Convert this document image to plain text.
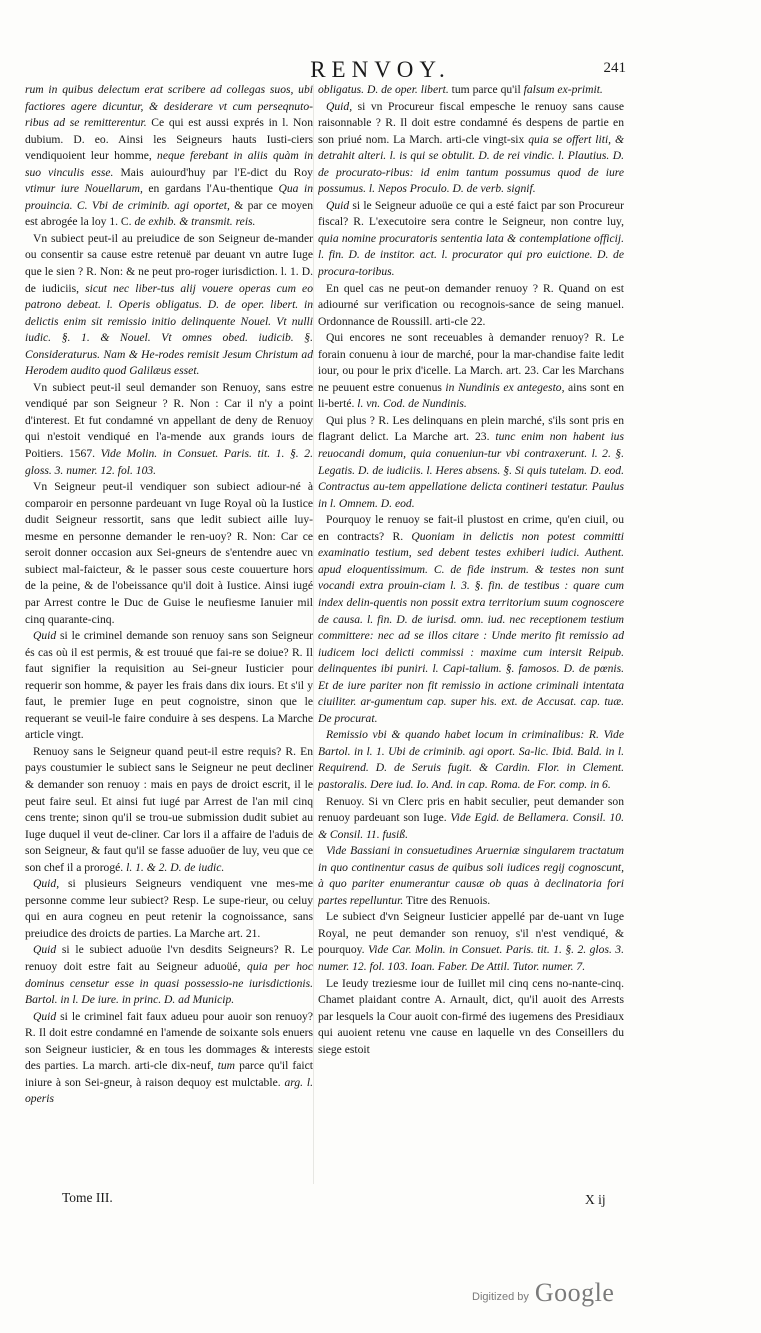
RENVOY.	241

rum in quibus delectum erat scribere ad collegas suos, ubi factiores agere dicuntur, & desiderare vt cum perseqnuto-ribus ad se remitterentur. Ce qui est aussi exprés in l. Non dubium. D. eo. Ainsi les Seigneurs hauts Iusti-ciers vendiquoient leur homme, neque ferebant in aliis quàm in suo vinculis esse. Mais auiourd'huy par l'E-dict du Roy vtimur iure Nouellarum, en gardans l'Au-thentique Qua in prouincia. C. Vbi de criminib. agi oportet, & par ce moyen est abrogée la loy 1. C. de exhib. & transmit. reis.

Vn subiect peut-il au preiudice de son Seigneur de-mander ou consentir sa cause estre retenuë par deuant vn autre Iuge que le sien ? R. Non: & ne peut pro-roger iurisdiction. l. 1. D. de iudiciis, sicut nec liber-tus alij vouere operas cum eo patrono debeat. l. Operis obligatus. D. de oper. libert. in delictis enim sit remissio initio delinquente Nouel. Vt nulli iudic. §. 1. & Nouel. Vt omnes obed. iudicib. §. Consideraturus. Nam & He-rodes remisit Jesum Christum ad Herodem audito quod Galilæus esset.

Vn subiect peut-il seul demander son Renuoy, sans estre vendiqué par son Seigneur ? R. Non : Car il n'y a point d'interest. Et fut condamné vn appellant de deny de Renuoy qui n'estoit vendiqué en l'a-mende aux grands iours de Poitiers. 1567. Vide Molin. in Consuet. Paris. tit. 1. §. 2. gloss. 3. numer. 12. fol. 103.

Vn Seigneur peut-il vendiquer son subiect adiour-né à comparoir en personne pardeuant vn Iuge Royal où la Iustice dudit Seigneur ressortit, sans que ledit subiect aille luy-mesme en personne demander le ren-uoy? R. Non: Car ce seroit donner occasion aux Sei-gneurs de s'entendre auec vn subiect mal-faicteur, & le passer sous ceste couuerture hors de la peine, & de l'obeissance qu'il doit à Iustice. Ainsi iugé par Arrest contre le Duc de Guise le neufiesme Ianuier mil cinq quarante-cinq.

Quid si le criminel demande son renuoy sans son Seigneur és cas où il est permis, & est trouué que fai-re se doiue? R. Il faut signifier la requisition au Sei-gneur Iusticier pour requerir son homme, & payer les frais dans dix iours. Et s'il y faut, le premier Iuge en peut cognoistre, sinon que le requerant se veuil-le faire conduire à ses despens. La Marche article vingt.

Renuoy sans le Seigneur quand peut-il estre requis? R. En pays coustumier le subiect sans le Seigneur ne peut decliner & demander son renuoy : mais en pays de droict escrit, il le peut faire seul. Et ainsi fut iugé par Arrest de l'an mil cinq cens trente; sinon qu'il se trou-ue submission dudit subiet au Iuge duquel il veut de-cliner. Car lors il a affaire de l'aduis de son Seigneur, & faut qu'il se fasse aduoüer de luy, veu que ce son chef il a prorogé. l. 1. & 2. D. de iudic.

Quid, si plusieurs Seigneurs vendiquent vne mes-me personne comme leur subiect? Resp. Le supe-rieur, ou celuy qui en aura cogneu en peut retenir la cognoissance, sans preiudice des droicts de parties. La Marche art. 21.

Quid si le subiect aduoüe l'vn desdits Seigneurs? R. Le renuoy doit estre fait au Seigneur aduoüé, quia per hoc dominus censetur esse in quasi possessio-ne iurisdictionis. Bartol. in l. De iure. in princ. D. ad Municip.

Quid si le criminel fait faux adueu pour auoir son renuoy? R. Il doit estre condamné en l'amende de soixante sols enuers son Seigneur iusticier, & en tous les dommages & interests des parties. La march. arti-cle dix-neuf, tum parce qu'il faict iniure à son Sei-gneur, à raison dequoy est mulctable. arg. l. operis

obligatus. D. de oper. libert. tum parce qu'il falsum ex-primit.

Quid, si vn Procureur fiscal empesche le renuoy sans cause raisonnable ? R. Il doit estre condamné és despens de partie en son priué nom. La March. arti-cle vingt-six quia se offert liti, & detrahit alteri. l. is qui se obtulit. D. de rei vindic. l. Plautius. D. de procurato-ribus: id enim tantum possumus quod de iure possumus. l. Nepos Proculo. D. de verb. signif.

Quid si le Seigneur aduoüe ce qui a esté faict par son Procureur fiscal? R. L'executoire sera contre le Seigneur, non contre luy, quia nomine procuratoris sententia lata & contemplatione officij. l. fin. D. de institor. act. l. procurator qui pro euictione. D. de procura-toribus.

En quel cas ne peut-on demander renuoy ? R. Quand on est adiourné sur verification ou recognois-sance de seing manuel. Ordonnance de Roussill. arti-cle 22.

Qui encores ne sont receuables à demander renuoy? R. Le forain conuenu à iour de marché, pour la mar-chandise faite ledit iour, ou pour le prix d'icelle. La March. art. 23. Car les Marchans ne peuuent estre conuenus in Nundinis ex antegesto, ains sont en li-berté. l. vn. Cod. de Nundinis.

Qui plus ? R. Les delinquans en plein marché, s'ils sont pris en flagrant delict. La Marche art. 23. tunc enim non habent ius reuocandi domum, quia conueniun-tur vbi contraxerunt. l. 2. §. Legatis. D. de iudiciis. l. Heres absens. §. Si quis tutelam. D. eod. Contractus au-tem appellatione delicta contineri testatur. Paulus in l. Omnem. D. eod.

Pourquoy le renuoy se fait-il plustost en crime, qu'en ciuil, ou en contracts? R. Quoniam in delictis non potest committi examinatio testium, sed debent testes exhiberi iudici. Authent. apud eloquentissimum. C. de fide instrum. & testes non sunt vocandi extra prouin-ciam l. 3. §. fin. de testibus : quare cum index delin-quentis non possit extra territorium suum cognoscere de causa. l. fin. D. de iurisd. omn. iud. nec receptionem testium committere: nec ad se illos citare : Unde merito fit remissio ad iudicem loci delicti commissi : maxime cum intersit Reipub. delinquentes ibi puniri. l. Capi-talium. §. famosos. D. de pœnis. Et de iure pariter non fit remissio in actione criminali intentata ciuiliter. ar-gumentum cap. super his. ext. de Accusat. cap. tuæ. De procurat.

Remissio vbi & quando habet locum in criminalibus: R. Vide Bartol. in l. 1. Ubi de criminib. agi oport. Sa-lic. Ibid. Bald. in l. Requirend. D. de Seruis fugit. & Cardin. Flor. in Clement. pastoralis. Dere iud. Io. And. in cap. Roma. de For. comp. in 6.

Renuoy. Si vn Clerc pris en habit seculier, peut demander son renuoy pardeuant son Iuge. Vide Egid. de Bellamera. Consil. 10. & Consil. 11. fusiß.

Vide Bassiani in consuetudines Aruerniæ singularem tractatum in quo continentur casus de quibus soli iudices regij cognoscunt, à quo pariter enumerantur causæ ob quas à declinatoria fori partes repelluntur. Titre des Renuois.

Le subiect d'vn Seigneur Iusticier appellé par de-uant vn Iuge Royal, ne peut demander son renuoy, s'il n'est vendiqué, & pourquoy. Vide Car. Molin. in Consuet. Paris. tit. 1. §. 2. glos. 3. numer. 12. fol. 103. Ioan. Faber. De Attil. Tutor. numer. 7.

Le Ieudy treziesme iour de Iuillet mil cinq cens no-nante-cinq. Chamet plaidant contre A. Arnault, dict, qu'il auoit des Arrests par lesquels la Cour auoit con-firmé des iugemens des Presidiaux qui auoient retenu vne cause en laquelle vn des Conseillers du siege estoit

Tome III.	X ij
Digitized by Google
